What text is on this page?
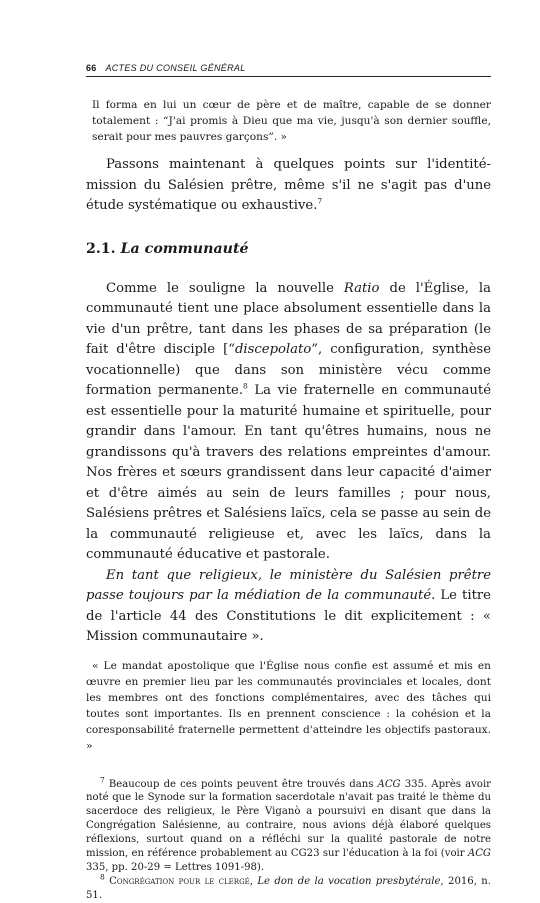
66 ACTES DU CONSEIL GÉNÉRAL

Il forma en lui un cœur de père et de maître, capable de se donner totalement : “J'ai promis à Dieu que ma vie, jusqu'à son dernier souffle, serait pour mes pauvres garçons”. »

Passons maintenant à quelques points sur l'identité-mission du Salésien prêtre, même s'il ne s'agit pas d'une étude systématique ou exhaustive.$^7$

2.1. La communauté

Comme le souligne la nouvelle Ratio de l'Église, la communauté tient une place absolument essentielle dans la vie d'un prêtre, tant dans les phases de sa préparation (le fait d'être disciple [“discepolato”, configuration, synthèse vocationnelle) que dans son ministère vécu comme formation permanente.$^8$ La vie fraternelle en communauté est essentielle pour la maturité humaine et spirituelle, pour grandir dans l'amour. En tant qu'êtres humains, nous ne grandissons qu'à travers des relations empreintes d'amour. Nos frères et sœurs grandissent dans leur capacité d'aimer et d'être aimés au sein de leurs familles ; pour nous, Salésiens prêtres et Salésiens laïcs, cela se passe au sein de la communauté religieuse et, avec les laïcs, dans la communauté éducative et pastorale.

En tant que religieux, le ministère du Salésien prêtre passe toujours par la médiation de la communauté. Le titre de l'article 44 des Constitutions le dit explicitement : « Mission communautaire ».

« Le mandat apostolique que l'Église nous confie est assumé et mis en œuvre en premier lieu par les communautés provinciales et locales, dont les membres ont des fonctions complémentaires, avec des tâches qui toutes sont importantes. Ils en prennent conscience : la cohésion et la coresponsabilité fraternelle permettent d'atteindre les objectifs pastoraux. »

$^7$ Beaucoup de ces points peuvent être trouvés dans ACG 335. Après avoir noté que le Synode sur la formation sacerdotale n'avait pas traité le thème du sacerdoce des religieux, le Père Viganò a poursuivi en disant que dans la Congrégation Salésienne, au contraire, nous avions déjà élaboré quelques réflexions, surtout quand on a réfléchi sur la qualité pastorale de notre mission, en référence probablement au CG23 sur l'éducation à la foi (voir ACG 335, pp. 20-29 = Lettres 1091-98).

$^8$ Congrégation pour le clergé, Le don de la vocation presbytérale, 2016, n. 51.
